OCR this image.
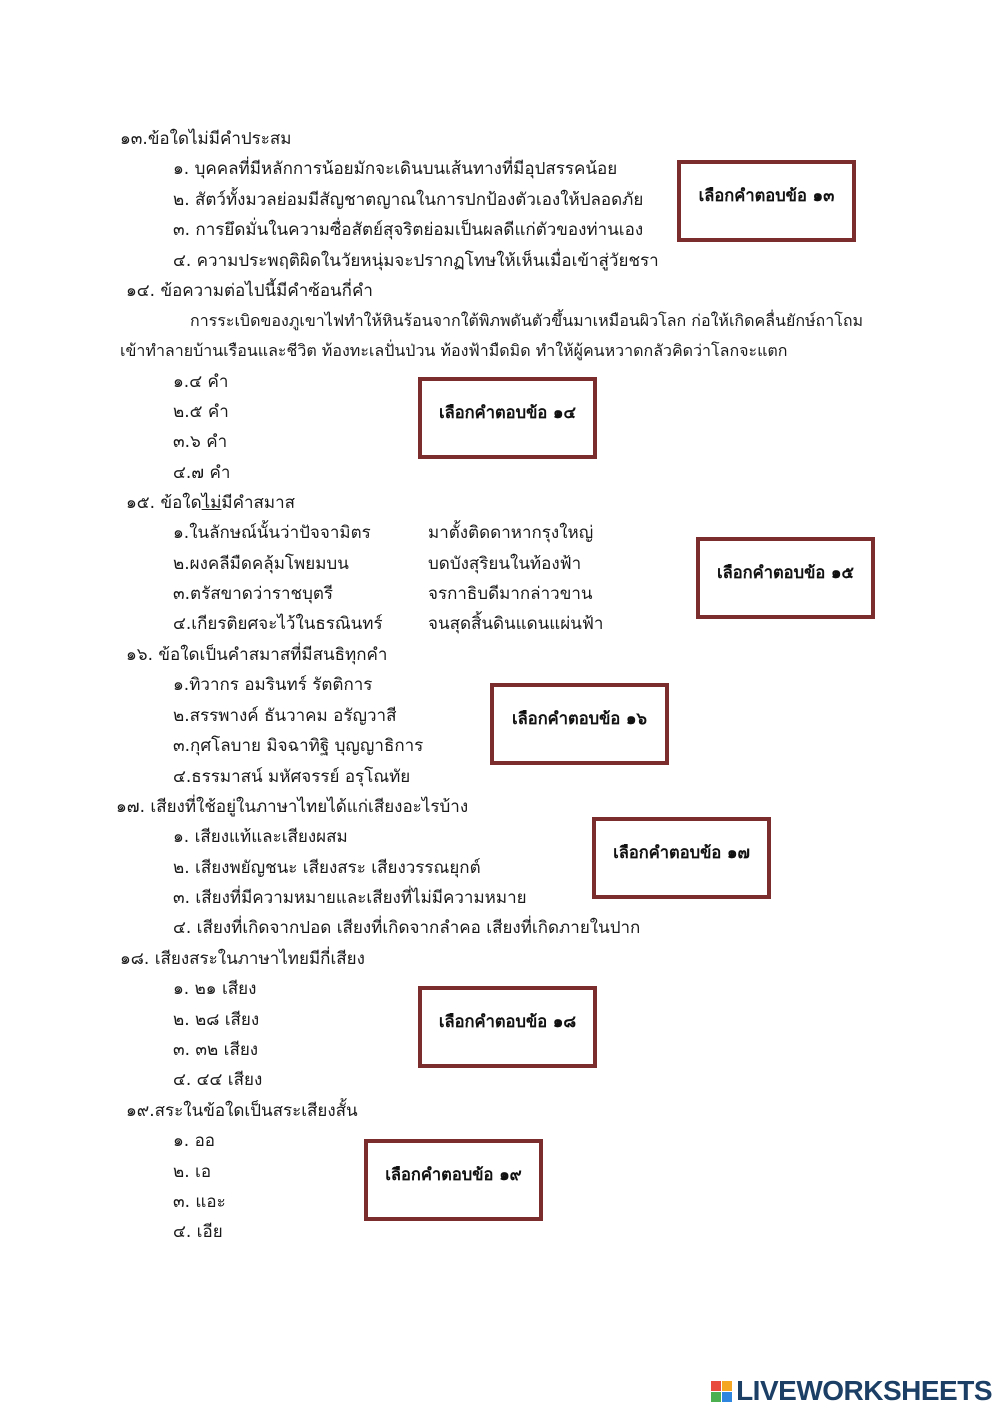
๑๓.ข้อใดไม่มีคำประสม
๑. บุคคลที่มีหลักการน้อยมักจะเดินบนเส้นทางที่มีอุปสรรคน้อย
๒. สัตว์ทั้งมวลย่อมมีสัญชาตญาณในการปกป้องตัวเองให้ปลอดภัย
๓. การยึดมั่นในความซื่อสัตย์สุจริตย่อมเป็นผลดีแก่ตัวของท่านเอง
๔. ความประพฤติผิดในวัยหนุ่มจะปรากฏโทษให้เห็นเมื่อเข้าสู่วัยชรา
เลือกคำตอบข้อ ๑๓
๑๔. ข้อความต่อไปนี้มีคำซ้อนกี่คำ
การระเบิดของภูเขาไฟทำให้หินร้อนจากใต้พิภพดันตัวขึ้นมาเหมือนผิวโลก ก่อให้เกิดคลื่นยักษ์ถาโถม
เข้าทำลายบ้านเรือนและชีวิต ท้องทะเลปั่นป่วน ท้องฟ้ามืดมิด ทำให้ผู้คนหวาดกลัวคิดว่าโลกจะแตก
๑.๔ คำ
๒.๕ คำ
๓.๖ คำ
๔.๗ คำ
เลือกคำตอบข้อ ๑๔
๑๕. ข้อใดไม่มีคำสมาส
๑.ในลักษณ์นั้นว่าปัจจามิตร	มาตั้งติดดาหากรุงใหญ่
๒.ผงคลีมืดคลุ้มโพยมบน	บดบังสุริยนในท้องฟ้า
๓.ตรัสขาดว่าราชบุตรี	จรกาธิบดีมากล่าวขาน
๔.เกียรติยศจะไว้ในธรณินทร์	จนสุดสิ้นดินแดนแผ่นฟ้า
เลือกคำตอบข้อ ๑๕
๑๖. ข้อใดเป็นคำสมาสที่มีสนธิทุกคำ
๑.ทิวากร อมรินทร์ รัตติการ
๒.สรรพางค์ ธันวาคม อรัญวาสี
๓.กุศโลบาย มิจฉาทิฐิ บุญญาธิการ
๔.ธรรมาสน์ มหัศจรรย์ อรุโณทัย
เลือกคำตอบข้อ ๑๖
๑๗. เสียงที่ใช้อยู่ในภาษาไทยได้แก่เสียงอะไรบ้าง
๑. เสียงแท้และเสียงผสม
๒. เสียงพยัญชนะ เสียงสระ เสียงวรรณยุกต์
๓. เสียงที่มีความหมายและเสียงที่ไม่มีความหมาย
๔. เสียงที่เกิดจากปอด เสียงที่เกิดจากลำคอ เสียงที่เกิดภายในปาก
เลือกคำตอบข้อ ๑๗
๑๘. เสียงสระในภาษาไทยมีกี่เสียง
๑. ๒๑ เสียง
๒. ๒๘ เสียง
๓. ๓๒ เสียง
๔. ๔๔ เสียง
เลือกคำตอบข้อ ๑๘
๑๙.สระในข้อใดเป็นสระเสียงสั้น
๑. ออ
๒. เอ
๓. แอะ
๔. เอีย
เลือกคำตอบข้อ ๑๙
LIVEWORKSHEETS
